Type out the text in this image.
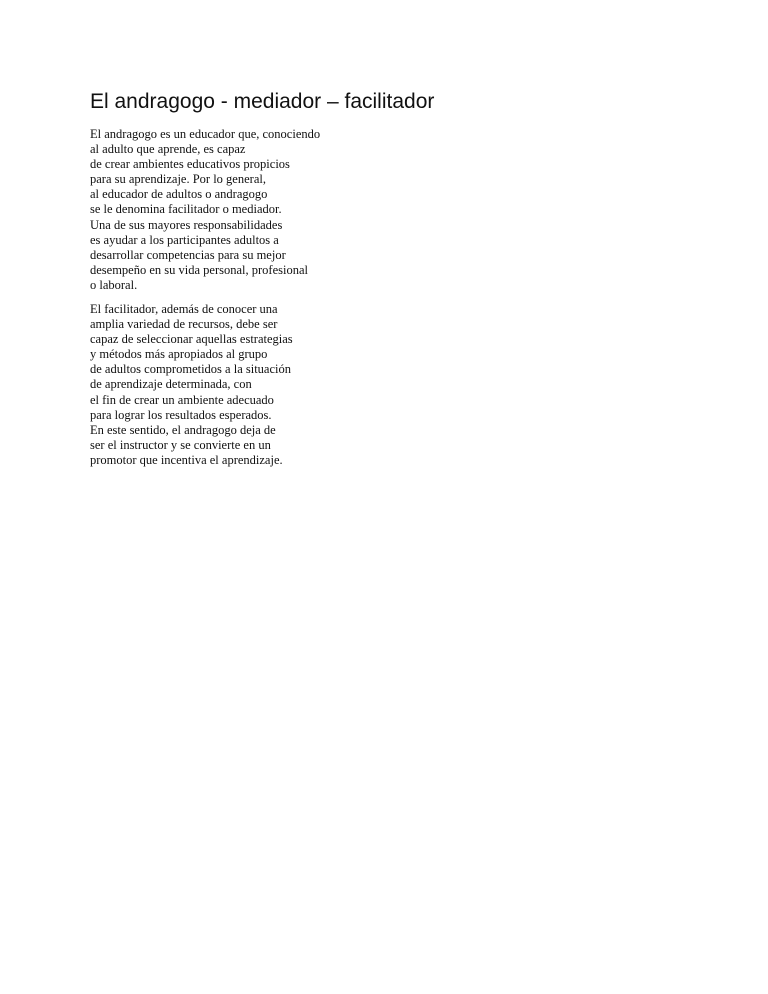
El andragogo - mediador – facilitador

El andragogo es un educador que, conociendo
al adulto que aprende, es capaz
de crear ambientes educativos propicios
para su aprendizaje. Por lo general,
al educador de adultos o andragogo
se le denomina facilitador o mediador.
Una de sus mayores responsabilidades
es ayudar a los participantes adultos a
desarrollar competencias para su mejor
desempeño en su vida personal, profesional
o laboral.

El facilitador, además de conocer una
amplia variedad de recursos, debe ser
capaz de seleccionar aquellas estrategias
y métodos más apropiados al grupo
de adultos comprometidos a la situación
de aprendizaje determinada, con
el fin de crear un ambiente adecuado
para lograr los resultados esperados.
En este sentido, el andragogo deja de
ser el instructor y se convierte en un
promotor que incentiva el aprendizaje.
